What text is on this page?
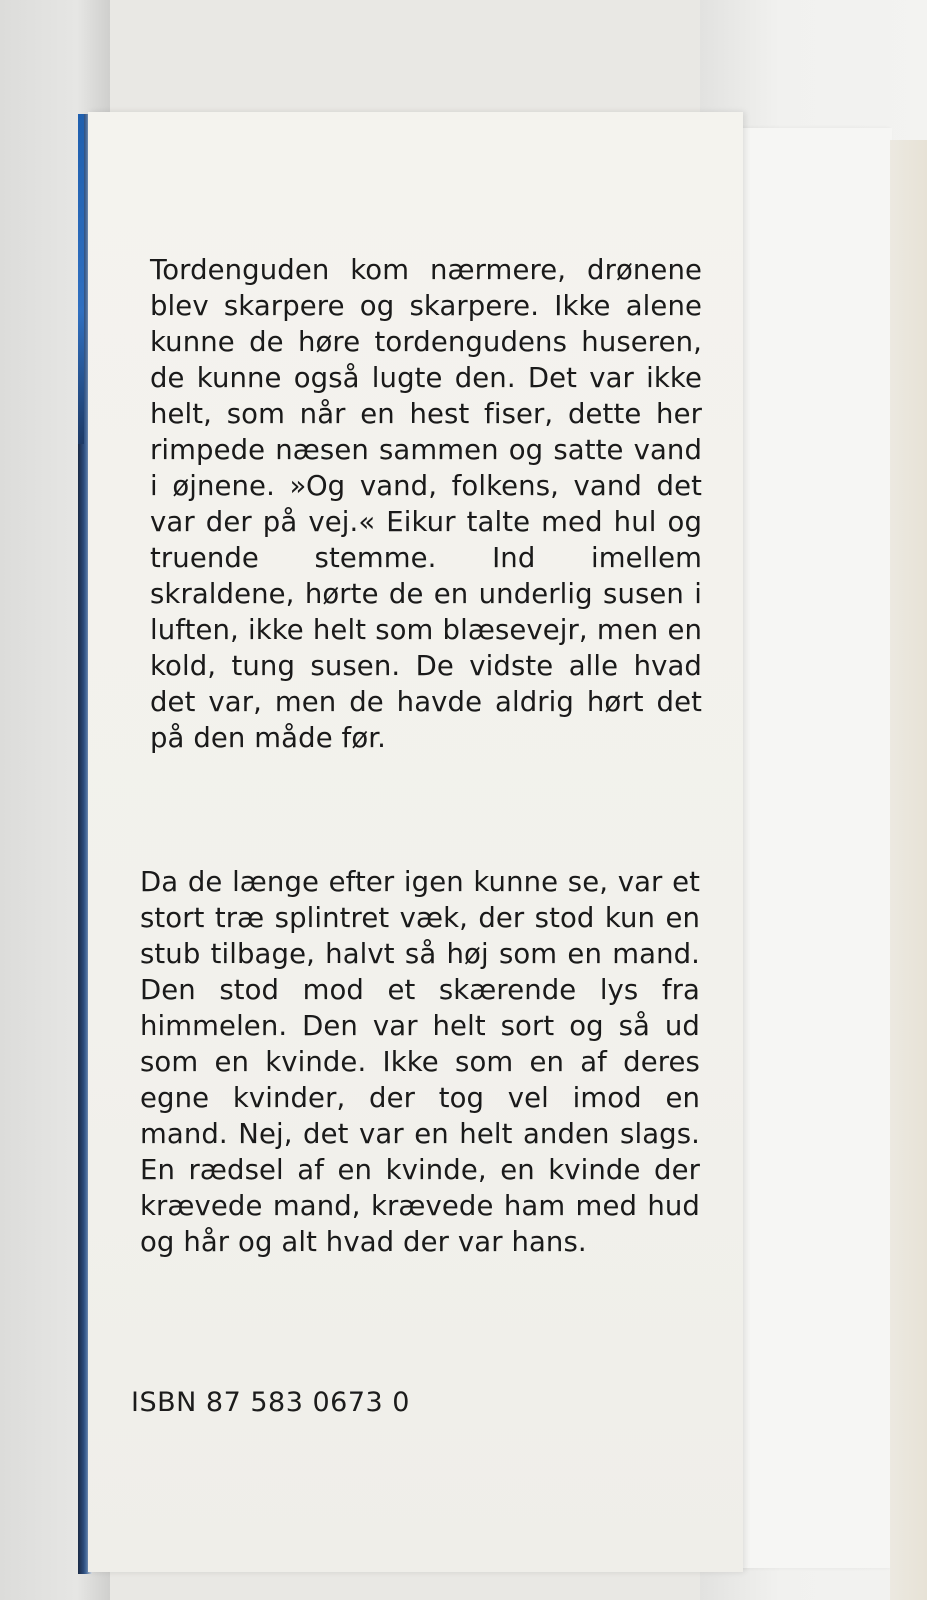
Tordenguden kom nærmere, drønene blev skarpere og skarpere. Ikke alene kunne de høre tordengudens huseren, de kunne også lugte den. Det var ikke helt, som når en hest fiser, dette her rimpede næsen sammen og satte vand i øjnene. »Og vand, folkens, vand det var der på vej.« Eikur talte med hul og truende stemme. Ind imellem skraldene, hørte de en underlig susen i luften, ikke helt som blæsevejr, men en kold, tung susen. De vidste alle hvad det var, men de havde aldrig hørt det på den måde før.

Da de længe efter igen kunne se, var et stort træ splintret væk, der stod kun en stub tilbage, halvt så høj som en mand. Den stod mod et skærende lys fra himmelen. Den var helt sort og så ud som en kvinde. Ikke som en af deres egne kvinder, der tog vel imod en mand. Nej, det var en helt anden slags. En rædsel af en kvinde, en kvinde der krævede mand, krævede ham med hud og hår og alt hvad der var hans.

ISBN 87 583 0673 0
